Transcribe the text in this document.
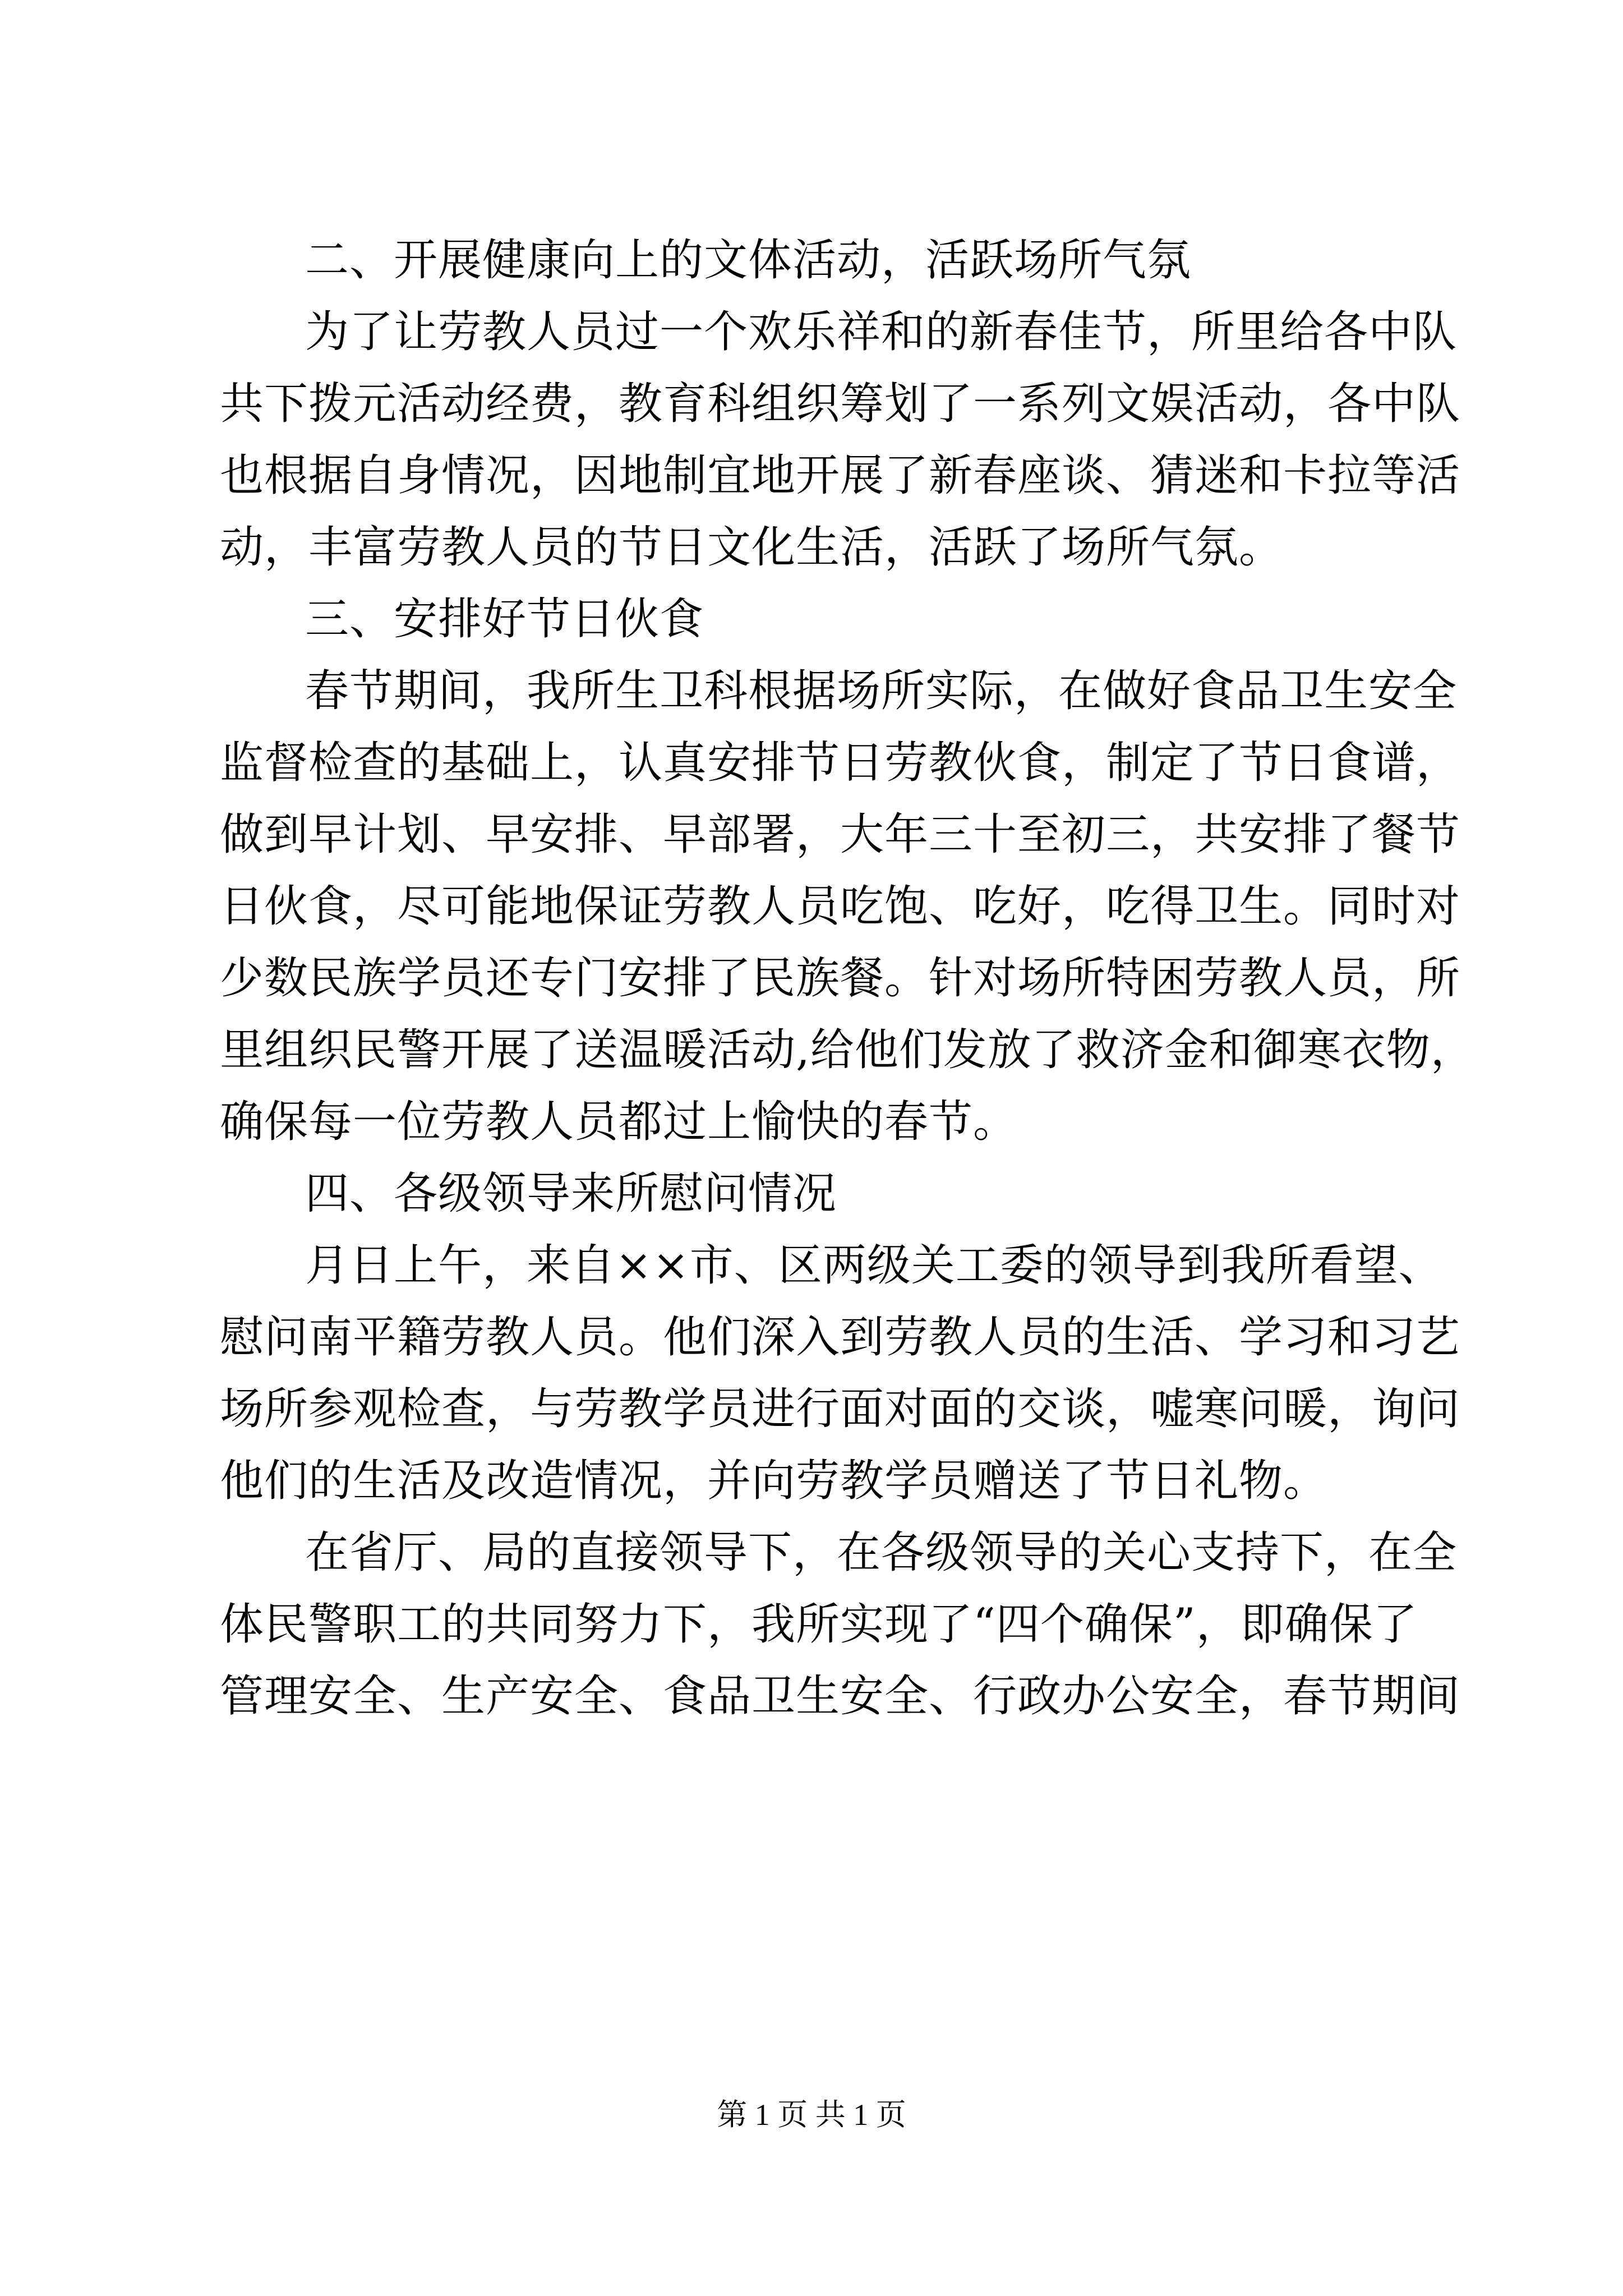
二、开展健康向上的文体活动，活跃场所气氛
为了让劳教人员过一个欢乐祥和的新春佳节，所里给各中队
共下拨元活动经费，教育科组织筹划了一系列文娱活动，各中队
也根据自身情况，因地制宜地开展了新春座谈、猜迷和卡拉等活
动，丰富劳教人员的节日文化生活，活跃了场所气氛。
三、安排好节日伙食
春节期间，我所生卫科根据场所实际，在做好食品卫生安全
监督检查的基础上，认真安排节日劳教伙食，制定了节日食谱，
做到早计划、早安排、早部署，大年三十至初三，共安排了餐节
日伙食，尽可能地保证劳教人员吃饱、吃好，吃得卫生。同时对
少数民族学员还专门安排了民族餐。针对场所特困劳教人员，所
里组织民警开展了送温暖活动,给他们发放了救济金和御寒衣物，
确保每一位劳教人员都过上愉快的春节。
四、各级领导来所慰问情况
月日上午，来自××市、区两级关工委的领导到我所看望、
慰问南平籍劳教人员。他们深入到劳教人员的生活、学习和习艺
场所参观检查，与劳教学员进行面对面的交谈，嘘寒问暖，询问
他们的生活及改造情况，并向劳教学员赠送了节日礼物。
在省厅、局的直接领导下，在各级领导的关心支持下，在全
体民警职工的共同努力下，我所实现了“四个确保”，即确保了
管理安全、生产安全、食品卫生安全、行政办公安全，春节期间
第 1 页 共 1 页
